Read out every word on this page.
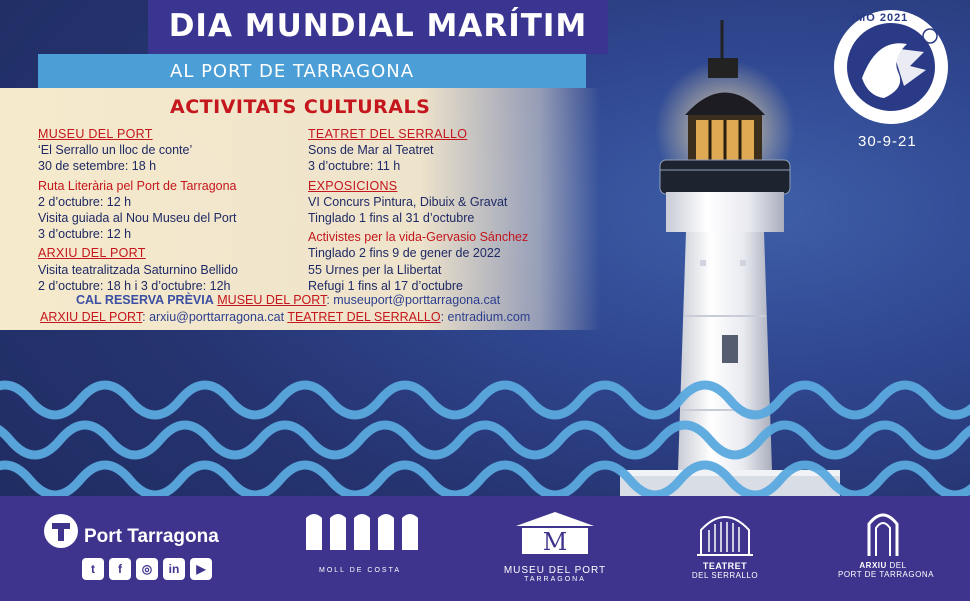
DIA MUNDIAL MARÍTIM
AL PORT DE TARRAGONA
ACTIVITATS CULTURALS
MUSEU DEL PORT
‘El Serrallo un lloc de conte’
30 de setembre: 18 h
Ruta Literària pel Port de Tarragona
2 d’octubre: 12 h
Visita guiada al Nou Museu del Port
3 d’octubre: 12 h
ARXIU DEL PORT
Visita teatralitzada Saturnino Bellido
2 d’octubre: 18 h i 3 d’octubre: 12h
TEATRET DEL SERRALLO
Sons de Mar al Teatret
3 d’octubre: 11 h
EXPOSICIONS
VI Concurs Pintura, Dibuix & Gravat
Tinglado 1 fins al 31 d’octubre
Activistes per la vida-Gervasio Sánchez
Tinglado 2 fins 9 de gener de 2022
55 Urnes per la Llibertat
Refugi 1 fins al 17 d’octubre
CAL RESERVA PRÈVIA MUSEU DEL PORT: museuport@porttarragona.cat
ARXIU DEL PORT: arxiu@porttarragona.cat TEATRET DEL SERRALLO: entradium.com
IMO 2021
30-9-21
Port Tarragona
t	f	◎	in	▶	MOLL DE COSTA
M
MUSEU DEL PORT
TARRAGONA
TEATRET
DEL SERRALLO
ARXIU DEL
PORT DE TARRAGONA
